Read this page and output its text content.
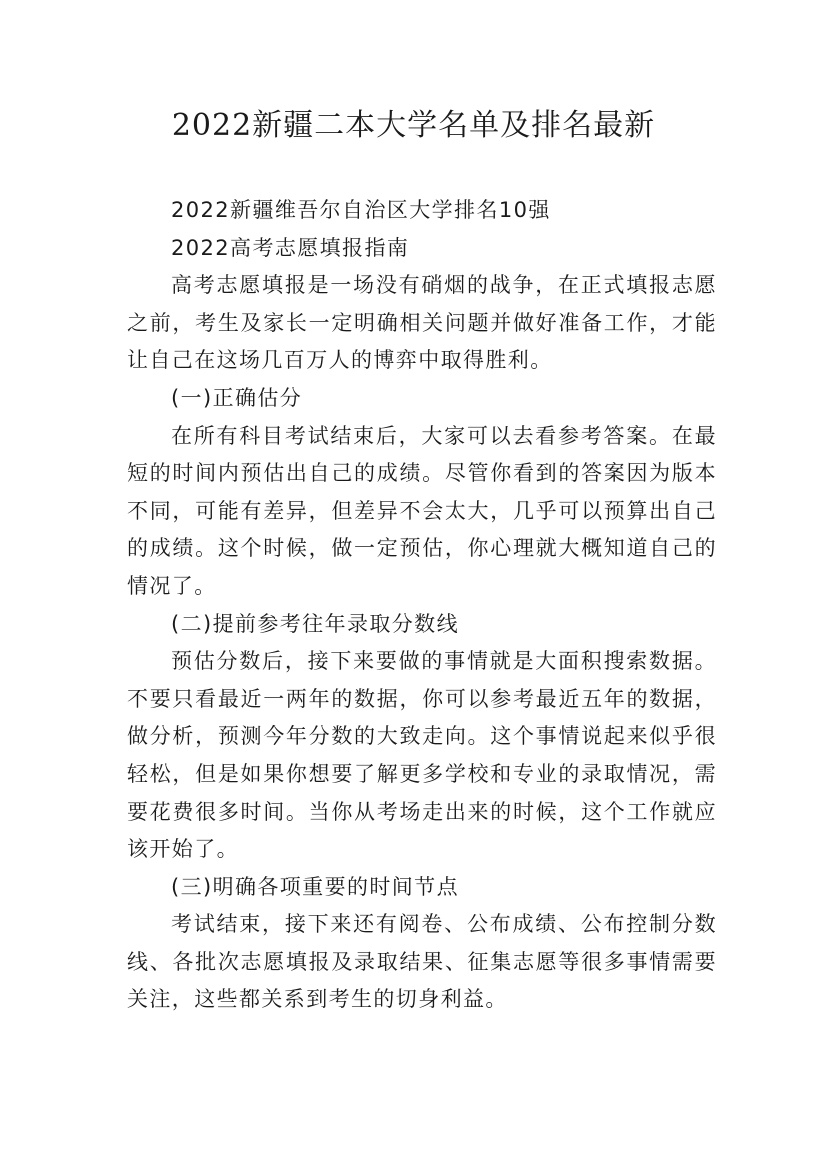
2022新疆二本大学名单及排名最新

2022新疆维吾尔自治区大学排名10强

2022高考志愿填报指南

高考志愿填报是一场没有硝烟的战争，在正式填报志愿之前，考生及家长一定明确相关问题并做好准备工作，才能让自己在这场几百万人的博弈中取得胜利。

(一)正确估分

在所有科目考试结束后，大家可以去看参考答案。在最短的时间内预估出自己的成绩。尽管你看到的答案因为版本不同，可能有差异，但差异不会太大，几乎可以预算出自己的成绩。这个时候，做一定预估，你心理就大概知道自己的情况了。

(二)提前参考往年录取分数线

预估分数后，接下来要做的事情就是大面积搜索数据。不要只看最近一两年的数据，你可以参考最近五年的数据，做分析，预测今年分数的大致走向。这个事情说起来似乎很轻松，但是如果你想要了解更多学校和专业的录取情况，需要花费很多时间。当你从考场走出来的时候，这个工作就应该开始了。

(三)明确各项重要的时间节点

考试结束，接下来还有阅卷、公布成绩、公布控制分数线、各批次志愿填报及录取结果、征集志愿等很多事情需要关注，这些都关系到考生的切身利益。
